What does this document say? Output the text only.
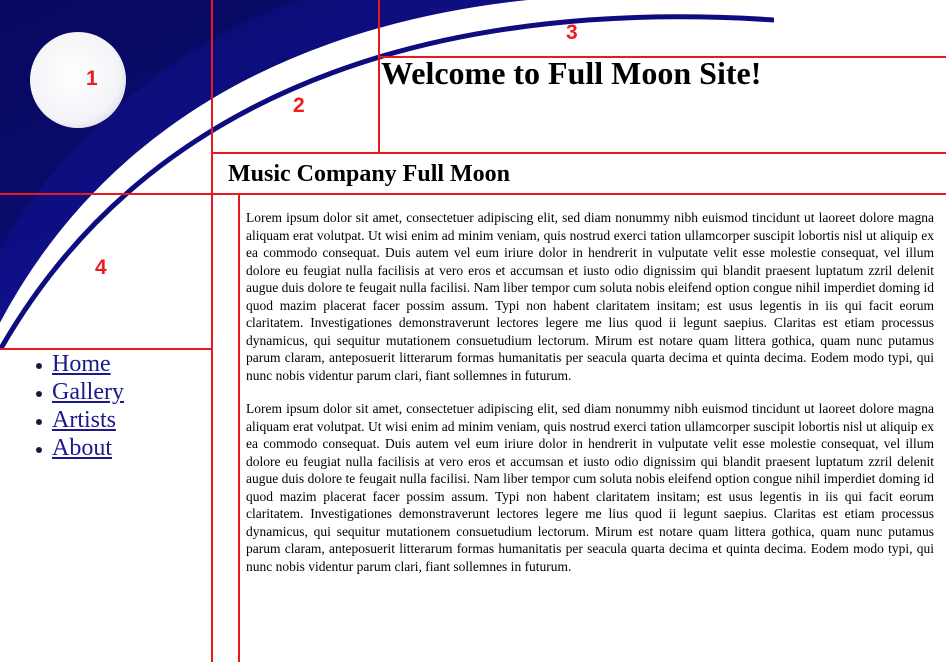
1
2
3
4
Welcome to Full Moon Site!
Music Company Full Moon
Home
Gallery
Artists
About

Lorem ipsum dolor sit amet, consectetuer adipiscing elit, sed diam nonummy nibh euismod tincidunt ut laoreet dolore magna aliquam erat volutpat. Ut wisi enim ad minim veniam, quis nostrud exerci tation ullamcorper suscipit lobortis nisl ut aliquip ex ea commodo consequat. Duis autem vel eum iriure dolor in hendrerit in vulputate velit esse molestie consequat, vel illum dolore eu feugiat nulla facilisis at vero eros et accumsan et iusto odio dignissim qui blandit praesent luptatum zzril delenit augue duis dolore te feugait nulla facilisi. Nam liber tempor cum soluta nobis eleifend option congue nihil imperdiet doming id quod mazim placerat facer possim assum. Typi non habent claritatem insitam; est usus legentis in iis qui facit eorum claritatem. Investigationes demonstraverunt lectores legere me lius quod ii legunt saepius. Claritas est etiam processus dynamicus, qui sequitur mutationem consuetudium lectorum. Mirum est notare quam littera gothica, quam nunc putamus parum claram, anteposuerit litterarum formas humanitatis per seacula quarta decima et quinta decima. Eodem modo typi, qui nunc nobis videntur parum clari, fiant sollemnes in futurum.

Lorem ipsum dolor sit amet, consectetuer adipiscing elit, sed diam nonummy nibh euismod tincidunt ut laoreet dolore magna aliquam erat volutpat. Ut wisi enim ad minim veniam, quis nostrud exerci tation ullamcorper suscipit lobortis nisl ut aliquip ex ea commodo consequat. Duis autem vel eum iriure dolor in hendrerit in vulputate velit esse molestie consequat, vel illum dolore eu feugiat nulla facilisis at vero eros et accumsan et iusto odio dignissim qui blandit praesent luptatum zzril delenit augue duis dolore te feugait nulla facilisi. Nam liber tempor cum soluta nobis eleifend option congue nihil imperdiet doming id quod mazim placerat facer possim assum. Typi non habent claritatem insitam; est usus legentis in iis qui facit eorum claritatem. Investigationes demonstraverunt lectores legere me lius quod ii legunt saepius. Claritas est etiam processus dynamicus, qui sequitur mutationem consuetudium lectorum. Mirum est notare quam littera gothica, quam nunc putamus parum claram, anteposuerit litterarum formas humanitatis per seacula quarta decima et quinta decima. Eodem modo typi, qui nunc nobis videntur parum clari, fiant sollemnes in futurum.
